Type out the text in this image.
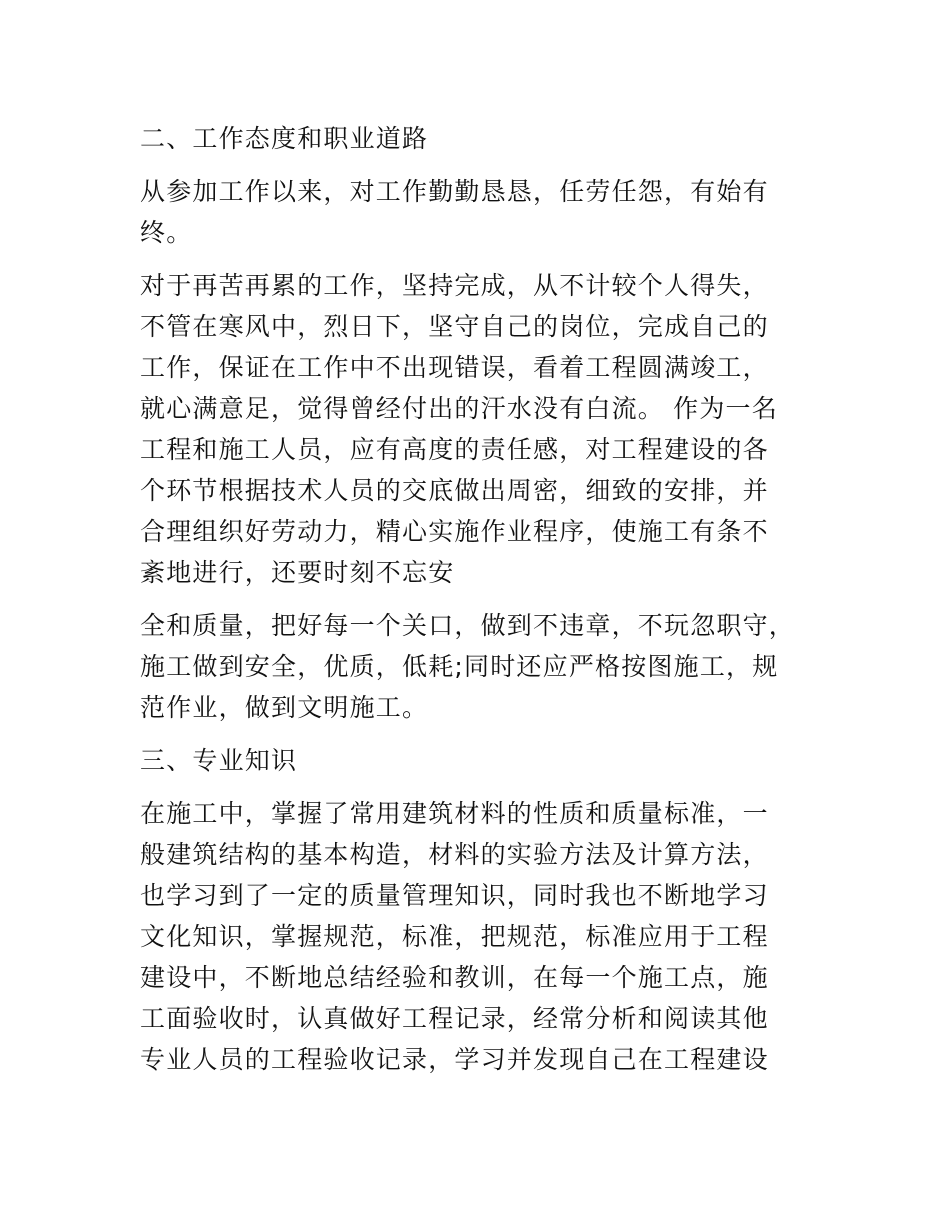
二、工作态度和职业道路

从参加工作以来，对工作勤勤恳恳，任劳任怨，有始有
终。

对于再苦再累的工作，坚持完成，从不计较个人得失，
不管在寒风中，烈日下，坚守自己的岗位，完成自己的
工作，保证在工作中不出现错误，看着工程圆满竣工，
就心满意足，觉得曾经付出的汗水没有白流。 作为一名
工程和施工人员，应有高度的责任感，对工程建设的各
个环节根据技术人员的交底做出周密，细致的安排，并
合理组织好劳动力，精心实施作业程序，使施工有条不
紊地进行，还要时刻不忘安

全和质量，把好每一个关口，做到不违章，不玩忽职守，
施工做到安全，优质，低耗;同时还应严格按图施工，规
范作业，做到文明施工。

三、专业知识

在施工中，掌握了常用建筑材料的性质和质量标准，一
般建筑结构的基本构造，材料的实验方法及计算方法，
也学习到了一定的质量管理知识，同时我也不断地学习
文化知识，掌握规范，标准，把规范，标准应用于工程
建设中，不断地总结经验和教训，在每一个施工点，施
工面验收时，认真做好工程记录，经常分析和阅读其他
专业人员的工程验收记录，学习并发现自己在工程建设
